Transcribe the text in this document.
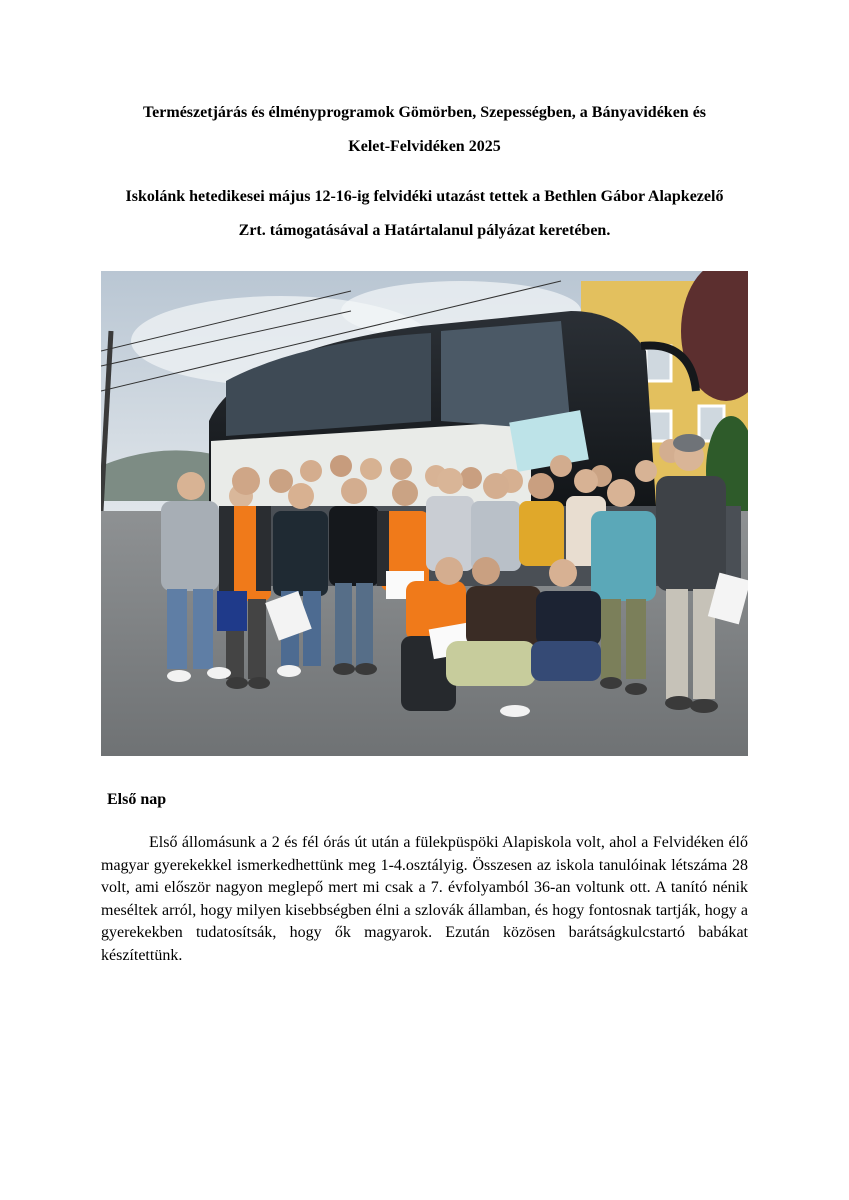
Természetjárás és élményprogramok Gömörben, Szepességben, a Bányavidéken és
Kelet-Felvidéken 2025
Iskolánk hetedikesei május 12-16-ig felvidéki utazást tettek a Bethlen Gábor Alapkezelő
Zrt. támogatásával a Határtalanul pályázat keretében.
Első nap

Első állomásunk a 2 és fél órás út után a fülekpüspöki Alapiskola volt, ahol a Felvidéken élő magyar gyerekekkel ismerkedhettünk meg 1-4.osztályig. Összesen az iskola tanulóinak létszáma 28 volt, ami először nagyon meglepő mert mi csak a 7. évfolyamból 36-an voltunk ott. A tanító nénik meséltek arról, hogy milyen kisebbségben élni a szlovák államban, és hogy fontosnak tartják, hogy a gyerekekben tudatosítsák, hogy ők magyarok. Ezután közösen barátságkulcstartó babákat készítettünk.
